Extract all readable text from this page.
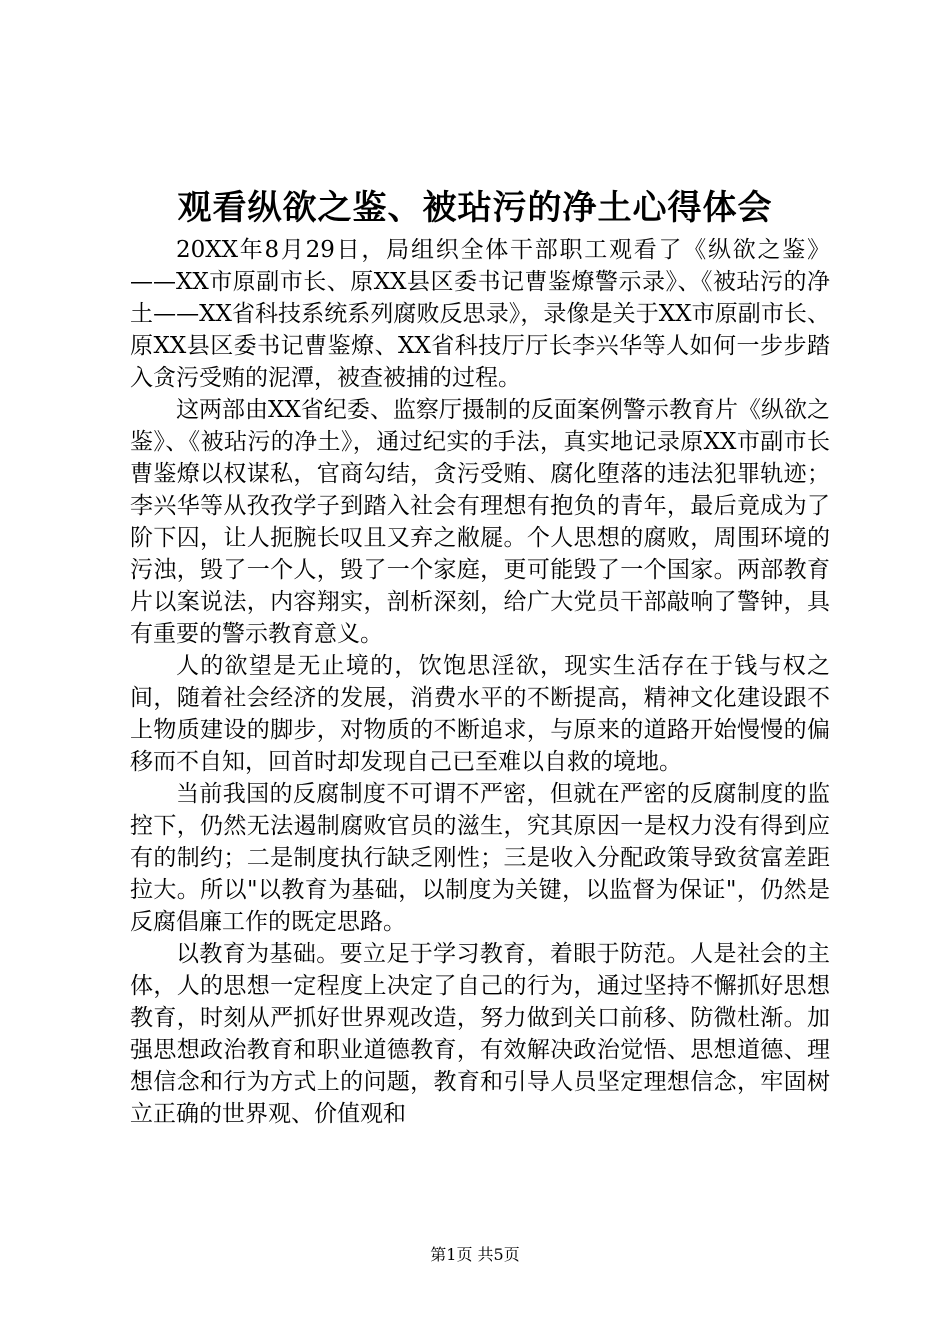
观看纵欲之鉴、被玷污的净土心得体会

20XX年8月29日，局组织全体干部职工观看了《纵欲之鉴》——XX市原副市长、原XX县区委书记曹鉴燎警示录》、《被玷污的净土——XX省科技系统系列腐败反思录》，录像是关于XX市原副市长、原XX县区委书记曹鉴燎、XX省科技厅厅长李兴华等人如何一步步踏入贪污受贿的泥潭，被查被捕的过程。

这两部由XX省纪委、监察厅摄制的反面案例警示教育片《纵欲之鉴》、《被玷污的净土》，通过纪实的手法，真实地记录原XX市副市长曹鉴燎以权谋私，官商勾结，贪污受贿、腐化堕落的违法犯罪轨迹；李兴华等从孜孜学子到踏入社会有理想有抱负的青年，最后竟成为了阶下囚，让人扼腕长叹且又弃之敝屣。个人思想的腐败，周围环境的污浊，毁了一个人，毁了一个家庭，更可能毁了一个国家。两部教育片以案说法，内容翔实，剖析深刻，给广大党员干部敲响了警钟，具有重要的警示教育意义。

人的欲望是无止境的，饮饱思淫欲，现实生活存在于钱与权之间，随着社会经济的发展，消费水平的不断提高，精神文化建设跟不上物质建设的脚步，对物质的不断追求，与原来的道路开始慢慢的偏移而不自知，回首时却发现自己已至难以自救的境地。

当前我国的反腐制度不可谓不严密，但就在严密的反腐制度的监控下，仍然无法遏制腐败官员的滋生，究其原因一是权力没有得到应有的制约；二是制度执行缺乏刚性；三是收入分配政策导致贫富差距拉大。所以"以教育为基础，以制度为关键，以监督为保证"，仍然是反腐倡廉工作的既定思路。

以教育为基础。要立足于学习教育，着眼于防范。人是社会的主体，人的思想一定程度上决定了自己的行为，通过坚持不懈抓好思想教育，时刻从严抓好世界观改造，努力做到关口前移、防微杜渐。加强思想政治教育和职业道德教育，有效解决政治觉悟、思想道德、理想信念和行为方式上的问题，教育和引导人员坚定理想信念，牢固树立正确的世界观、价值观和

第1页 共5页
